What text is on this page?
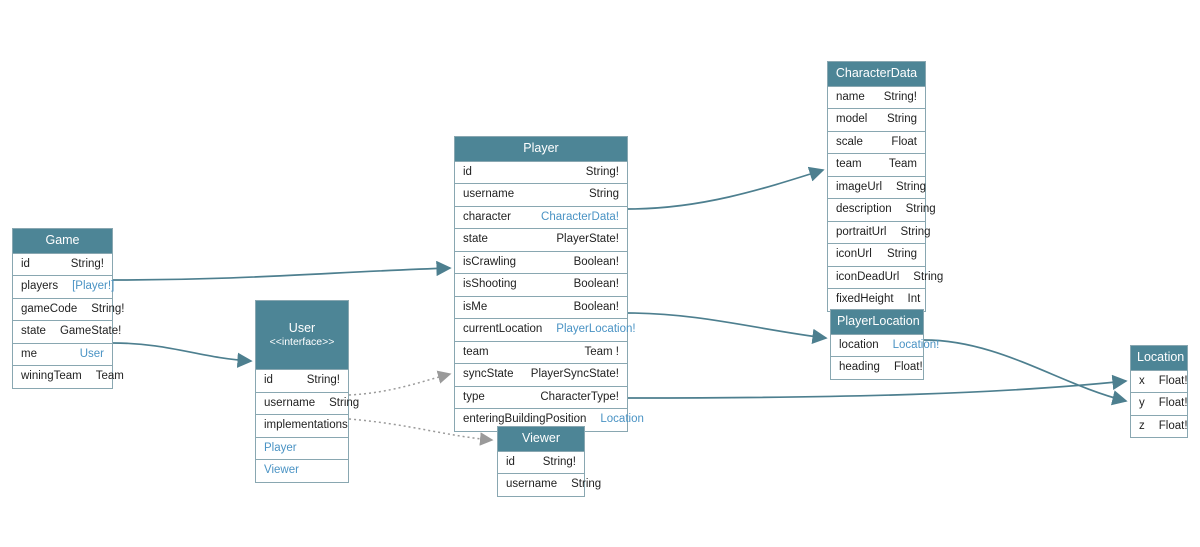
Game
id	String!
players [Player!]
gameCode String!
state GameState!
me	User
winingTeam Team

User

<<interface>>

id	String!
username String
implementations
Player
Viewer
Player
id	String!
username	String
character	CharacterData!
state	PlayerState!
isCrawling	Boolean!
isShooting	Boolean!
isMe	Boolean!
currentLocation PlayerLocation!
team	Team !
syncState PlayerSyncState!
type	CharacterType!
enteringBuildingPosition Location
Viewer
id String!
username String
CharacterData
name String!
model String
scale Float
team Team
imageUrl String
description String
portraitUrl String
iconUrl String
iconDeadUrl String
fixedHeight Int
PlayerLocation
location Location!
heading Float!
Location
x Float!
y Float!
z Float!
